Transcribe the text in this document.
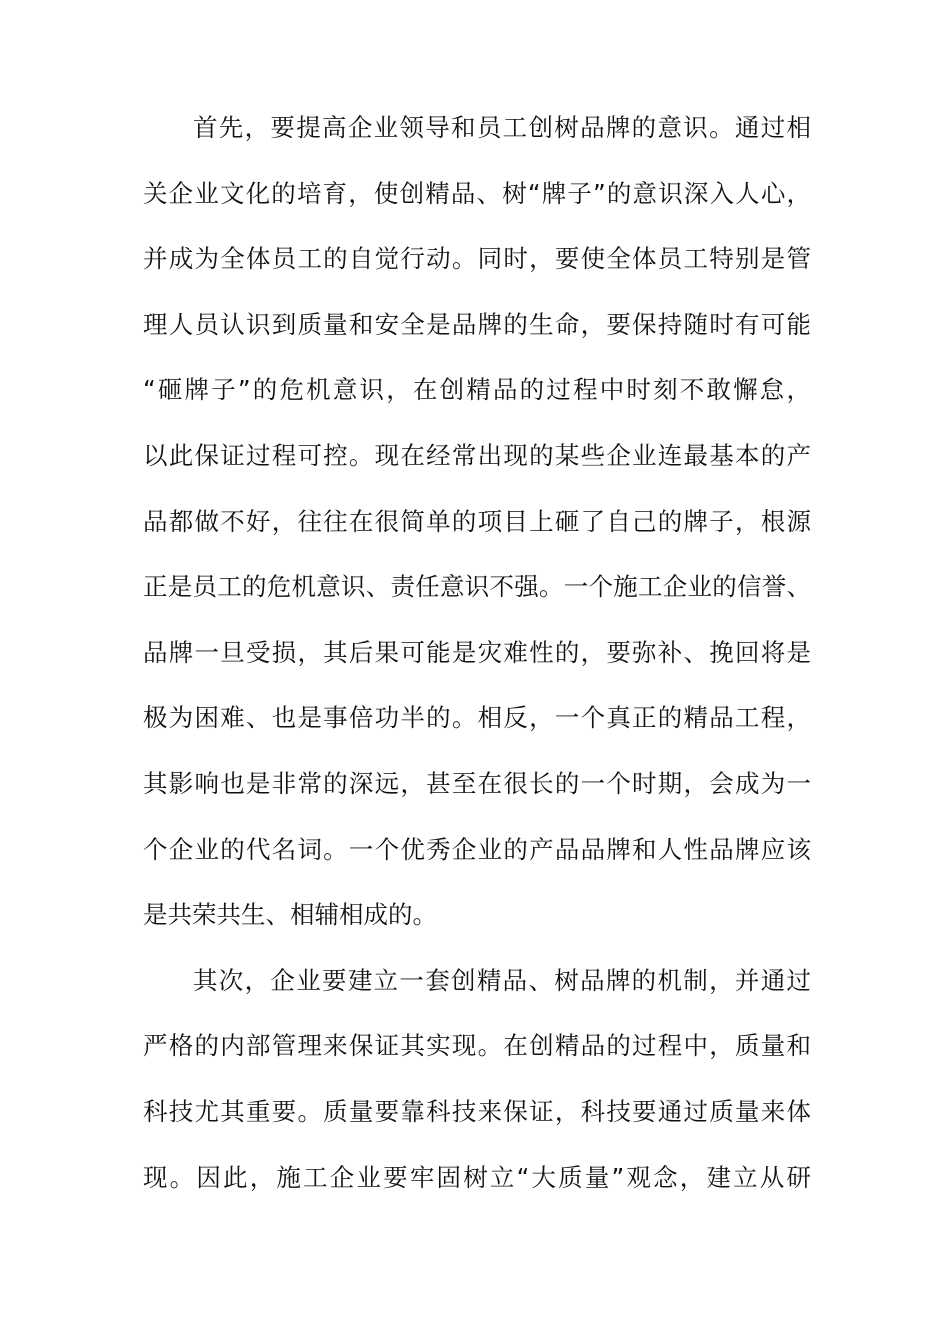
首先，要提高企业领导和员工创树品牌的意识。通过相
关企业文化的培育，使创精品、树“牌子”的意识深入人心，
并成为全体员工的自觉行动。同时，要使全体员工特别是管
理人员认识到质量和安全是品牌的生命，要保持随时有可能
“砸牌子”的危机意识，在创精品的过程中时刻不敢懈怠，
以此保证过程可控。现在经常出现的某些企业连最基本的产
品都做不好，往往在很简单的项目上砸了自己的牌子，根源
正是员工的危机意识、责任意识不强。一个施工企业的信誉、
品牌一旦受损，其后果可能是灾难性的，要弥补、挽回将是
极为困难、也是事倍功半的。相反，一个真正的精品工程，
其影响也是非常的深远，甚至在很长的一个时期，会成为一
个企业的代名词。一个优秀企业的产品品牌和人性品牌应该
是共荣共生、相辅相成的。
其次，企业要建立一套创精品、树品牌的机制，并通过
严格的内部管理来保证其实现。在创精品的过程中，质量和
科技尤其重要。质量要靠科技来保证，科技要通过质量来体
现。因此，施工企业要牢固树立“大质量”观念，建立从研
